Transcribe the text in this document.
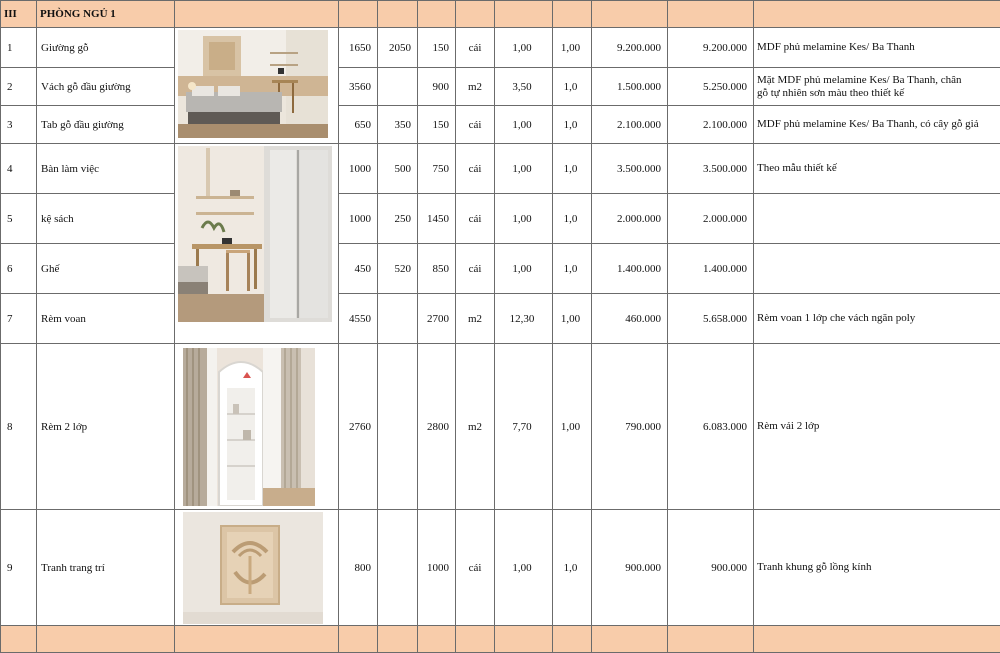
III	PHÒNG NGỦ 1										
1	Giường gỗ		1650	2050	150	cái	1,00	1,00	9.200.000	9.200.000	MDF phủ melamine Kes/ Ba Thanh

2	Vách gỗ đầu giường		3560		900	m2	3,50	1,0	1.500.000	5.250.000	Mặt MDF phủ melamine Kes/ Ba Thanh, chân
gỗ tự nhiên sơn màu theo thiết kế

3	Tab gỗ đầu giường		650	350	150	cái	1,00	1,0	2.100.000	2.100.000	MDF phủ melamine Kes/ Ba Thanh, có cây gỗ giả

4	Bàn làm việc		1000	500	750	cái	1,00	1,0	3.500.000	3.500.000	Theo mẫu thiết kế

5	kệ sách		1000	250	1450	cái	1,00	1,0	2.000.000	2.000.000	
6	Ghế		450	520	850	cái	1,00	1,0	1.400.000	1.400.000	
7	Rèm voan		4550		2700	m2	12,30	1,00	460.000	5.658.000	Rèm voan 1 lớp che vách ngăn poly

8	Rèm 2 lớp		2760		2800	m2	7,70	1,00	790.000	6.083.000	Rèm vải 2 lớp

9	Tranh trang trí		800		1000	cái	1,00	1,0	900.000	900.000	Tranh khung gỗ lồng kính
